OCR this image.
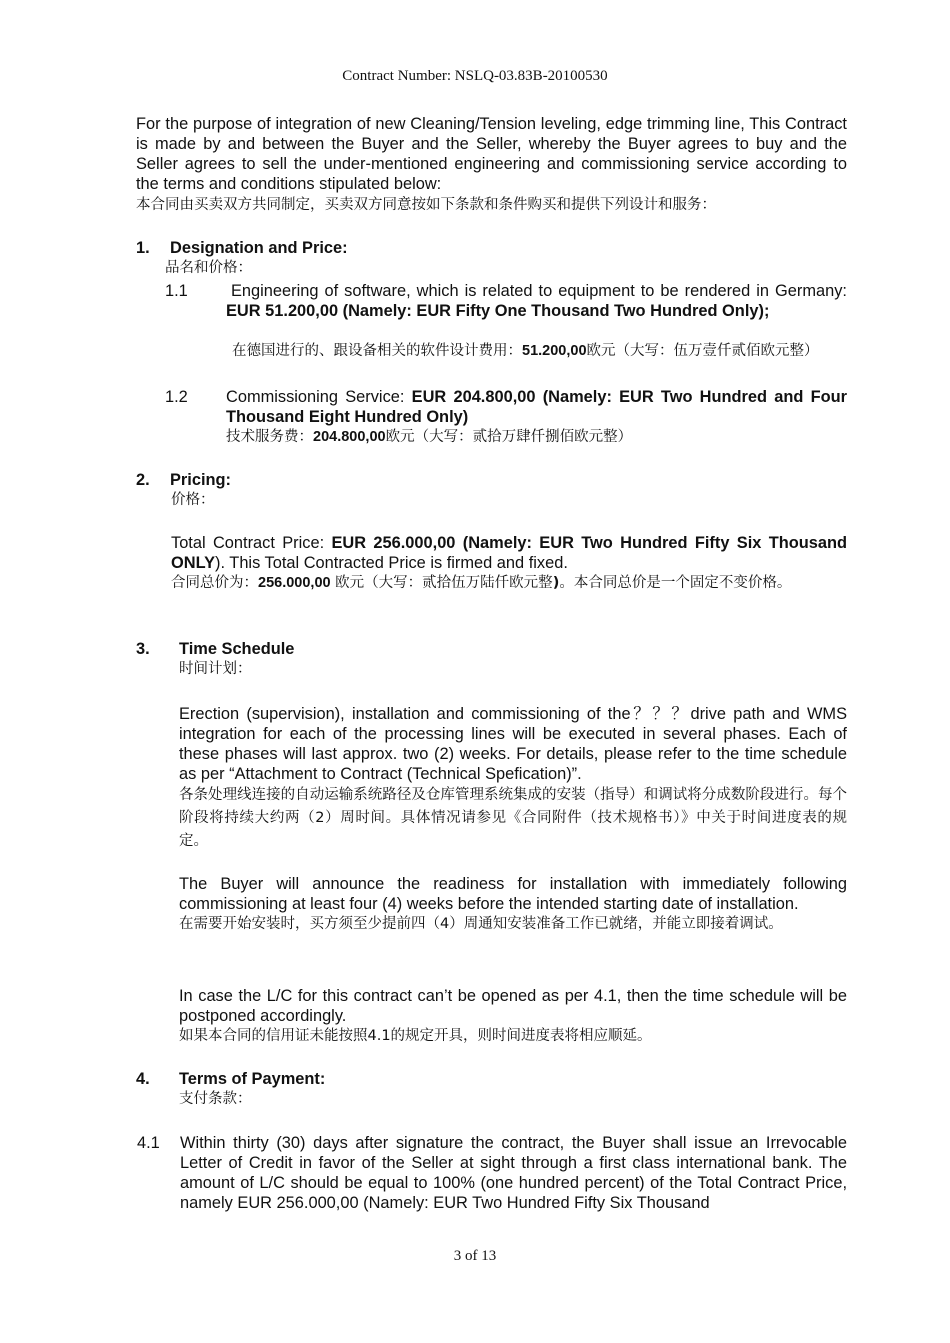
Contract Number: NSLQ-03.83B-20100530
For the purpose of integration of new Cleaning/Tension leveling, edge trimming line, This Contract is made by and between the Buyer and the Seller, whereby the Buyer agrees to buy and the Seller agrees to sell the under-mentioned engineering and commissioning service according to the terms and conditions stipulated below:
本合同由买卖双方共同制定，买卖双方同意按如下条款和条件购买和提供下列设计和服务：
1. Designation and Price:
品名和价格：
1.1	Engineering of software, which is related to equipment to be rendered in Germany: EUR 51.200,00 (Namely: EUR Fifty One Thousand Two Hundred Only);
在德国进行的、跟设备相关的软件设计费用：51.200,00欧元（大写：伍万壹仟贰佰欧元整）
1.2 Commissioning Service: EUR 204.800,00 (Namely: EUR Two Hundred and Four Thousand Eight Hundred Only)
技术服务费：204.800,00欧元（大写：贰拾万肆仟捌佰欧元整）
2. Pricing:
价格：
Total Contract Price: EUR 256.000,00 (Namely: EUR Two Hundred Fifty Six Thousand ONLY). This Total Contracted Price is firmed and fixed.
合同总价为：256.000,00 欧元（大写：贰拾伍万陆仟欧元整)。本合同总价是一个固定不变价格。
3. Time Schedule
时间计划：
Erection (supervision), installation and commissioning of the？？？drive path and WMS integration for each of the processing lines will be executed in several phases. Each of these phases will last approx. two (2) weeks. For details, please refer to the time schedule as per “Attachment to Contract (Technical Spefication)”.
各条处理线连接的自动运输系统路径及仓库管理系统集成的安装（指导）和调试将分成数阶段进行。每个阶段将持续大约两（2）周时间。具体情况请参见《合同附件（技术规格书）》中关于时间进度表的规定。
The Buyer will announce the readiness for installation with immediately following commissioning at least four (4) weeks before the intended starting date of installation.
在需要开始安装时，买方须至少提前四（4）周通知安装准备工作已就绪，并能立即接着调试。
In case the L/C for this contract can’t be opened as per 4.1, then the time schedule will be postponed accordingly.
如果本合同的信用证未能按照4.1的规定开具，则时间进度表将相应顺延。
4. Terms of Payment:
支付条款：
4.1 Within thirty (30) days after signature the contract, the Buyer shall issue an Irrevocable Letter of Credit in favor of the Seller at sight through a first class international bank. The amount of L/C should be equal to 100% (one hundred percent) of the Total Contract Price, namely EUR 256.000,00 (Namely: EUR Two Hundred Fifty Six Thousand
3 of 13
